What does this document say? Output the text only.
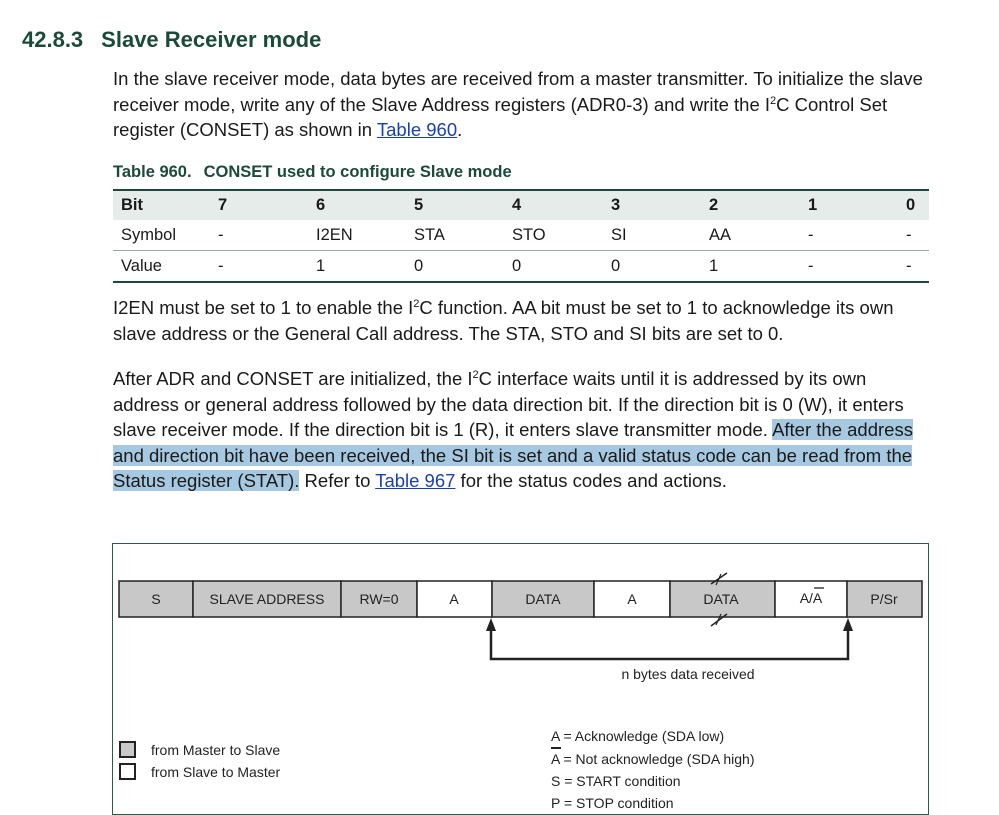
42.8.3 Slave Receiver mode

In the slave receiver mode, data bytes are received from a master transmitter. To initialize the slave receiver mode, write any of the Slave Address registers (ADR0-3) and write the $I^2C$ Control Set register (CONSET) as shown in Table 960.

Table 960. CONSET used to configure Slave mode
Bit	7	6	5	4	3	2	1	0
Symbol	-	I2EN	STA	STO	SI	AA	-	-
Value	-	1	0	0	0	1	-	-

I2EN must be set to 1 to enable the $I^2C$ function. AA bit must be set to 1 to acknowledge its own slave address or the General Call address. The STA, STO and SI bits are set to 0.

After ADR and CONSET are initialized, the $I^2C$ interface waits until it is addressed by its own address or general address followed by the data direction bit. If the direction bit is 0 (W), it enters slave receiver mode. If the direction bit is 1 (R), it enters slave transmitter mode. After the address and direction bit have been received, the SI bit is set and a valid status code can be read from the Status register (STAT). Refer to Table 967 for the status codes and actions.

S	SLAVE ADDRESS	RW=0	A	DATA	A	DATA	A/A	P/Sr
n bytes data received
from Master to Slave
from Slave to Master
A = Acknowledge (SDA low)
A = Not acknowledge (SDA high)
S = START condition
P = STOP condition
